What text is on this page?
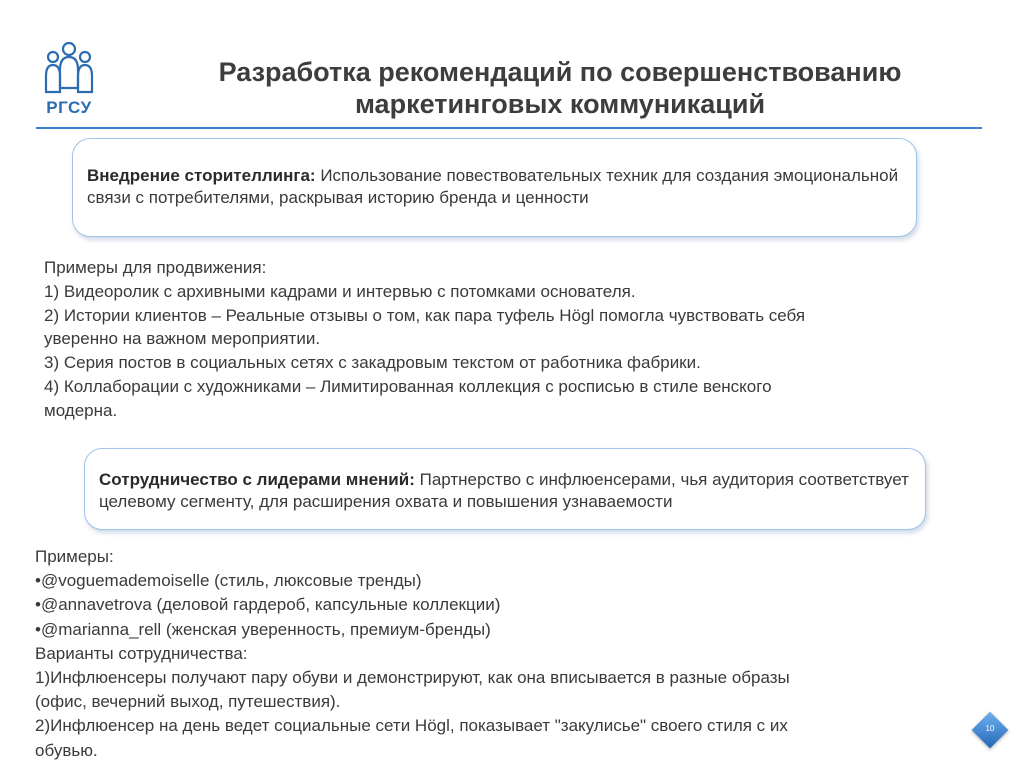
РГСУ
Разработка рекомендаций по совершенствованию
маркетинговых коммуникаций
Внедрение сторителлинга: Использование повествовательных техник для создания эмоциональной связи с потребителями, раскрывая историю бренда и ценности
Примеры для продвижения:
1) Видеоролик с архивными кадрами и интервью с потомками основателя.
2) Истории клиентов – Реальные отзывы о том, как пара туфель Högl помогла чувствовать себя
уверенно на важном мероприятии.
3) Серия постов в социальных сетях с закадровым текстом от работника фабрики.
4) Коллаборации с художниками – Лимитированная коллекция с росписью в стиле венского
модерна.
Сотрудничество с лидерами мнений: Партнерство с инфлюенсерами, чья аудитория соответствует целевому сегменту, для расширения охвата и повышения узнаваемости
Примеры:
•@voguemademoiselle (стиль, люксовые тренды)
•@annavetrova (деловой гардероб, капсульные коллекции)
•@marianna_rell (женская уверенность, премиум-бренды)
Варианты сотрудничества:
1)Инфлюенсеры получают пару обуви и демонстрируют, как она вписывается в разные образы
(офис, вечерний выход, путешествия).
2)Инфлюенсер на день ведет социальные сети Högl, показывает "закулисье" своего стиля с их
обувью.
10
